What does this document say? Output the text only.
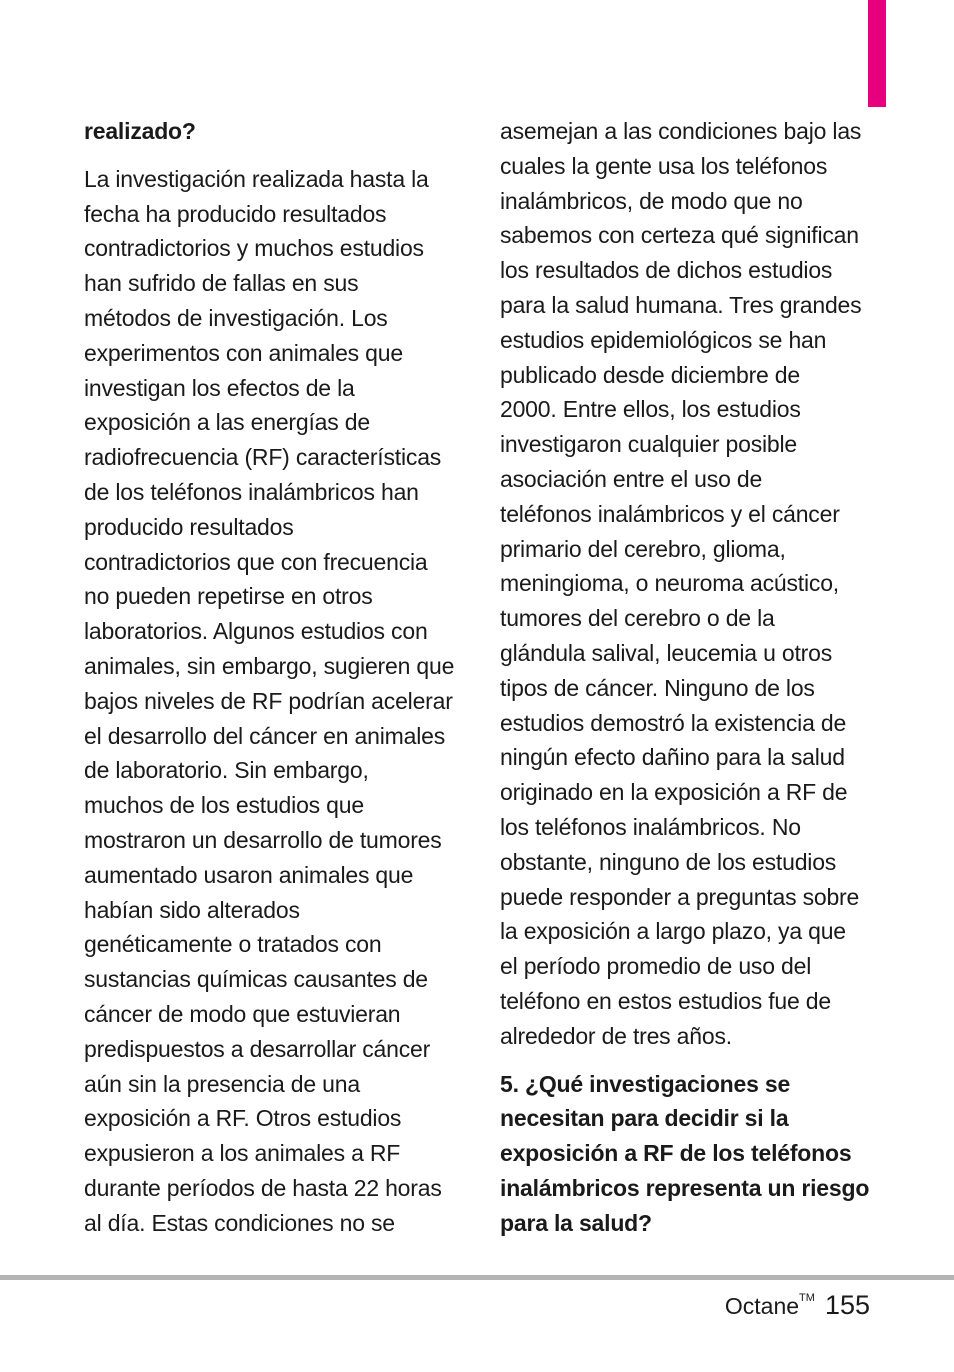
realizado?
La investigación realizada hasta la
fecha ha producido resultados
contradictorios y muchos estudios
han sufrido de fallas en sus
métodos de investigación. Los
experimentos con animales que
investigan los efectos de la
exposición a las energías de
radiofrecuencia (RF) características
de los teléfonos inalámbricos han
producido resultados
contradictorios que con frecuencia
no pueden repetirse en otros
laboratorios. Algunos estudios con
animales, sin embargo, sugieren que
bajos niveles de RF podrían acelerar
el desarrollo del cáncer en animales
de laboratorio. Sin embargo,
muchos de los estudios que
mostraron un desarrollo de tumores
aumentado usaron animales que
habían sido alterados
genéticamente o tratados con
sustancias químicas causantes de
cáncer de modo que estuvieran
predispuestos a desarrollar cáncer
aún sin la presencia de una
exposición a RF. Otros estudios
expusieron a los animales a RF
durante períodos de hasta 22 horas
al día. Estas condiciones no se
asemejan a las condiciones bajo las
cuales la gente usa los teléfonos
inalámbricos, de modo que no
sabemos con certeza qué significan
los resultados de dichos estudios
para la salud humana. Tres grandes
estudios epidemiológicos se han
publicado desde diciembre de
2000. Entre ellos, los estudios
investigaron cualquier posible
asociación entre el uso de
teléfonos inalámbricos y el cáncer
primario del cerebro, glioma,
meningioma, o neuroma acústico,
tumores del cerebro o de la
glándula salival, leucemia u otros
tipos de cáncer. Ninguno de los
estudios demostró la existencia de
ningún efecto dañino para la salud
originado en la exposición a RF de
los teléfonos inalámbricos. No
obstante, ninguno de los estudios
puede responder a preguntas sobre
la exposición a largo plazo, ya que
el período promedio de uso del
teléfono en estos estudios fue de
alrededor de tres años.
5. ¿Qué investigaciones se
necesitan para decidir si la
exposición a RF de los teléfonos
inalámbricos representa un riesgo
para la salud?
Octane™ 155
